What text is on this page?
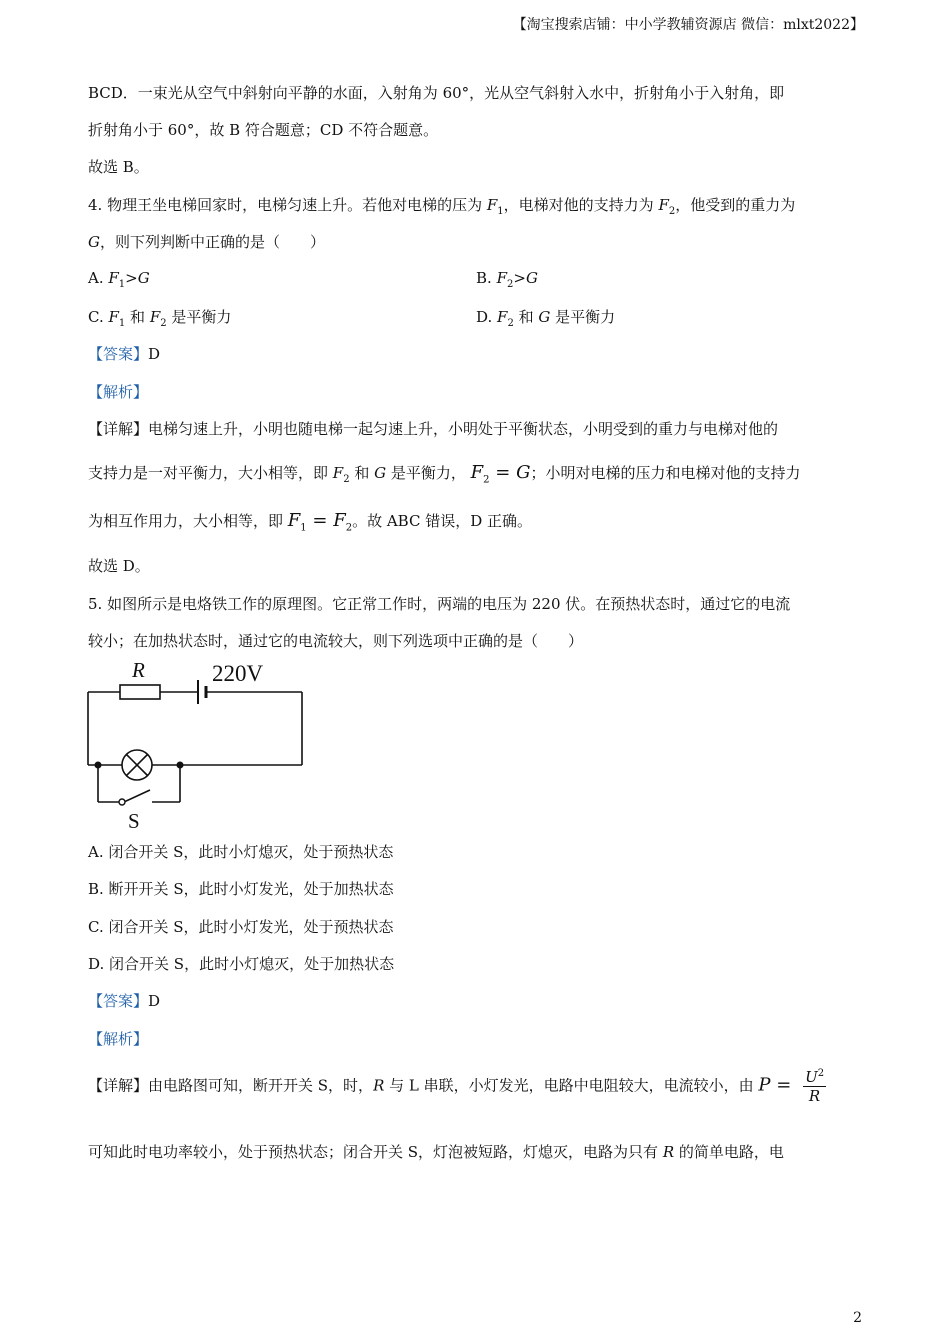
【淘宝搜索店铺：中小学教辅资源店 微信：mlxt2022】
BCD．一束光从空气中斜射向平静的水面，入射角为 60°，光从空气斜射入水中，折射角小于入射角，即
折射角小于 60°，故 B 符合题意；CD 不符合题意。
故选 B。
4. 物理王坐电梯回家时，电梯匀速上升。若他对电梯的压为 $F_1$，电梯对他的支持力为 $F_2$，他受到的重力为
G，则下列判断中正确的是（　　）
A. $F_1>G$	B. $F_2>G$
C. $F_1$ 和 $F_2$ 是平衡力	D. $F_2$ 和 G 是平衡力
【答案】D
【解析】
【详解】电梯匀速上升，小明也随电梯一起匀速上升，小明处于平衡状态，小明受到的重力与电梯对他的
支持力是一对平衡力，大小相等，即 $F_2$ 和 G 是平衡力， $F_2 = G$；小明对电梯的压力和电梯对他的支持力
为相互作用力，大小相等，即 $F_1 = F_2$。故 ABC 错误，D 正确。
故选 D。
5. 如图所示是电烙铁工作的原理图。它正常工作时，两端的电压为 220 伏。在预热状态时，通过它的电流
较小；在加热状态时，通过它的电流较大，则下列选项中正确的是（　　）
R	220V
S
A. 闭合开关 S，此时小灯熄灭，处于预热状态
B. 断开开关 S，此时小灯发光，处于加热状态
C. 闭合开关 S，此时小灯发光，处于预热状态
D. 闭合开关 S，此时小灯熄灭，处于加热状态
【答案】D
【解析】
【详解】由电路图可知，断开开关 S，时，R 与 L 串联，小灯发光，电路中电阻较大，电流较小，由 $P = \frac{U^2}{R}$
可知此时电功率较小，处于预热状态；闭合开关 S，灯泡被短路，灯熄灭，电路为只有 R 的简单电路，电
2
